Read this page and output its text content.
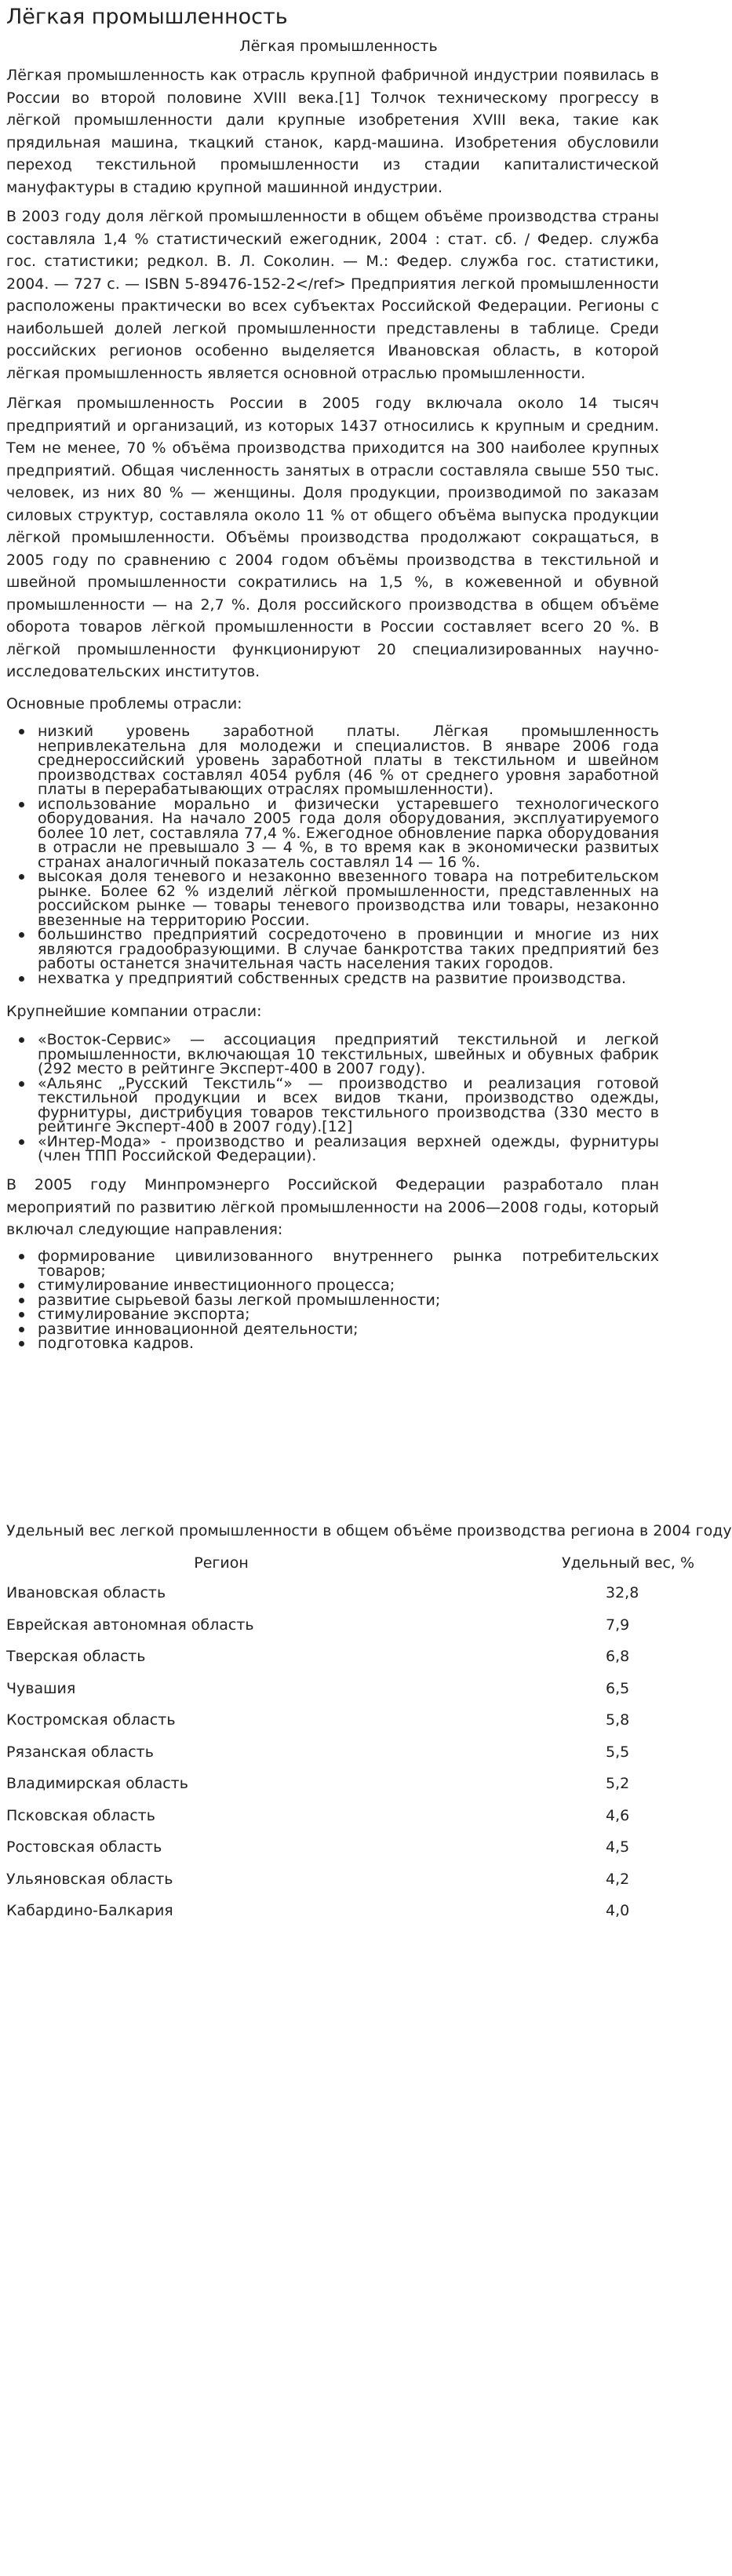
Лёгкая промышленность
Лёгкая промышленность

Лёгкая промышленность как отрасль крупной фабричной индустрии появилась в России во второй половине XVIII века.[1] Толчок техническому прогрессу в лёгкой промышленности дали крупные изобретения XVIII века, такие как прядильная машина, ткацкий станок, кард-машина. Изобретения обусловили переход текстильной промышленности из стадии капиталистической мануфактуры в стадию крупной машинной индустрии.

В 2003 году доля лёгкой промышленности в общем объёме производства страны составляла 1,4 % статистический ежегодник, 2004 : стат. сб. / Федер. служба гос. статистики; редкол. В. Л. Соколин. — М.: Федер. служба гос. статистики, 2004. — 727 с. — ISBN 5-89476-152-2</ref> Предприятия легкой промышленности расположены практически во всех субъектах Российской Федерации. Регионы с наибольшей долей легкой промышленности представлены в таблице. Среди российских регионов особенно выделяется Ивановская область, в которой лёгкая промышленность является основной отраслью промышленности.

Лёгкая промышленность России в 2005 году включала около 14 тысяч предприятий и организаций, из которых 1437 относились к крупным и средним. Тем не менее, 70 % объёма производства приходится на 300 наиболее крупных предприятий. Общая численность занятых в отрасли составляла свыше 550 тыс. человек, из них 80 % — женщины. Доля продукции, производимой по заказам силовых структур, составляла около 11 % от общего объёма выпуска продукции лёгкой промышленности. Объёмы производства продолжают сокращаться, в 2005 году по сравнению с 2004 годом объёмы производства в текстильной и швейной промышленности сократились на 1,5 %, в кожевенной и обувной промышленности — на 2,7 %. Доля российского производства в общем объёме оборота товаров лёгкой промышленности в России составляет всего 20 %. В лёгкой промышленности функционируют 20 специализированных научно-исследовательских институтов.

Основные проблемы отрасли:
низкий уровень заработной платы. Лёгкая промышленность непривлекательна для молодежи и специалистов. В январе 2006 года среднероссийский уровень заработной платы в текстильном и швейном производствах составлял 4054 рубля (46 % от среднего уровня заработной платы в перерабатывающих отраслях промышленности).
использование морально и физически устаревшего технологического оборудования. На начало 2005 года доля оборудования, эксплуатируемого более 10 лет, составляла 77,4 %. Ежегодное обновление парка оборудования в отрасли не превышало 3 — 4 %, в то время как в экономически развитых странах аналогичный показатель составлял 14 — 16 %.
высокая доля теневого и незаконно ввезенного товара на потребительском рынке. Более 62 % изделий лёгкой промышленности, представленных на российском рынке — товары теневого производства или товары, незаконно ввезенные на территорию России.
большинство предприятий сосредоточено в провинции и многие из них являются градообразующими. В случае банкротства таких предприятий без работы останется значительная часть населения таких городов.
нехватка у предприятий собственных средств на развитие производства.
Крупнейшие компании отрасли:
«Восток-Сервис» — ассоциация предприятий текстильной и легкой промышленности, включающая 10 текстильных, швейных и обувных фабрик (292 место в рейтинге Эксперт-400 в 2007 году).
«Альянс „Русский Текстиль“» — производство и реализация готовой текстильной продукции и всех видов ткани, производство одежды, фурнитуры, дистрибуция товаров текстильного производства (330 место в рейтинге Эксперт-400 в 2007 году).[12]
«Интер-Мода» - производство и реализация верхней одежды, фурнитуры (член ТПП Российской Федерации).

В 2005 году Минпромэнерго Российской Федерации разработало план мероприятий по развитию лёгкой промышленности на 2006—2008 годы, который включал следующие направления:

формирование цивилизованного внутреннего рынка потребительских товаров;
стимулирование инвестиционного процесса;
развитие сырьевой базы легкой промышленности;
стимулирование экспорта;
развитие инновационной деятельности;
подготовка кадров.
Удельный вес легкой промышленности в общем объёме производства региона в 2004 году
Регион	Удельный вес, %
Ивановская область	32,8
Еврейская автономная область	7,9
Тверская область	6,8
Чувашия	6,5
Костромская область	5,8
Рязанская область	5,5
Владимирская область	5,2
Псковская область	4,6
Ростовская область	4,5
Ульяновская область	4,2
Кабардино-Балкария	4,0
